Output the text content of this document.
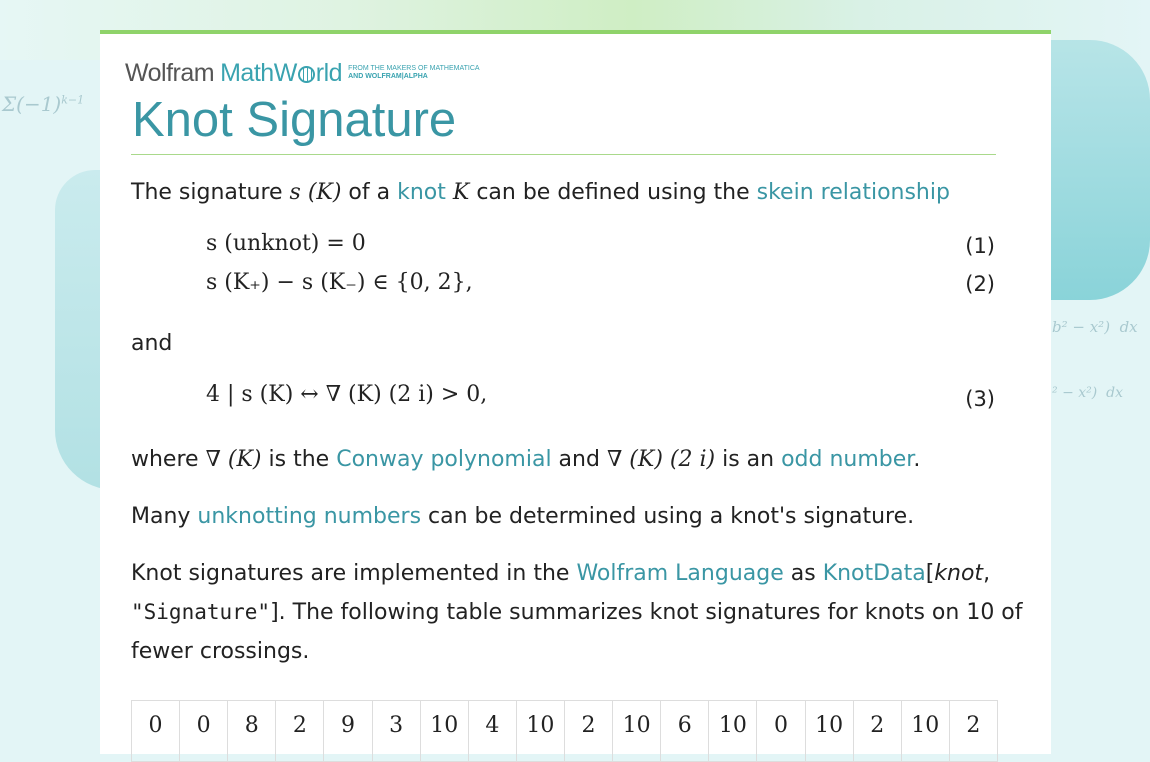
$\Sigma(-1)^{k-1}$
b² − x²)  dx
² − x²)  dx
Wolfram MathW rld FROM THE MAKERS OF MATHEMATICA
AND WOLFRAM|ALPHA
Knot Signature
The signature s (K) of a knot K can be defined using the skein relationship
s (unknot) = 0	(1)
s (K₊) − s (K₋) ∈ {0, 2},	(2)
and
4 | s (K) ↔ ∇ (K) (2 i) > 0,	(3)
where ∇ (K) is the Conway polynomial and ∇ (K) (2 i) is an odd number.
Many unknotting numbers can be determined using a knot's signature.
Knot signatures are implemented in the Wolfram Language as KnotData[knot,
"Signature"]. The following table summarizes knot signatures for knots on 10 of
fewer crossings.
0	0	8	2	9	3	10	4	10	2	10	6	10	0	10	2	10	2
